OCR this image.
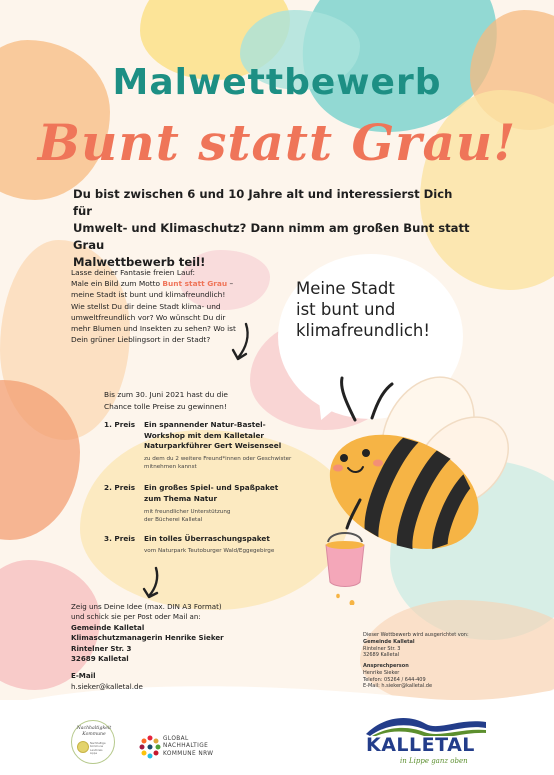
Malwettbewerb
Bunt statt Grau!
Du bist zwischen 6 und 10 Jahre alt und interessierst Dich für
Umwelt- und Klimaschutz? Dann nimm am großen Bunt statt Grau
Malwettbewerb teil!
Lasse deiner Fantasie freien Lauf:
Male ein Bild zum Motto Bunt statt Grau –
meine Stadt ist bunt und klimafreundlich!
Wie stellst Du dir deine Stadt klima- und
umweltfreundlich vor? Wo wünscht Du dir
mehr Blumen und Insekten zu sehen? Wo ist
Dein grüner Lieblingsort in der Stadt?
Meine Stadt
ist bunt und
klimafreundlich!
Bis zum 30. Juni 2021 hast du die
Chance tolle Preise zu gewinnen!
1. Preis Ein spannender Natur-Bastel-
Workshop mit dem Kalletaler
Naturparkführer Gert Weisenseel
zu dem du 2 weitere Freund*innen oder Geschwister
mitnehmen kannst
2. Preis Ein großes Spiel- und Spaßpaket
zum Thema Natur
mit freundlicher Unterstützung
der Bücherei Kalletal
3. Preis Ein tolles Überraschungspaket
vom Naturpark Teutoburger Wald/Eggegebirge
Zeig uns Deine Idee (max. DIN A3 Format)
und schick sie per Post oder Mail an:
Gemeinde Kalletal
Klimaschutzmanagerin Henrike Sieker
Rintelner Str. 3
32689 Kalletal
E-Mail
h.sieker@kalletal.de
Dieser Wettbewerb wird ausgerichtet von:
Gemeinde Kalletal
Rintelner Str. 3
32689 Kalletal
Ansprechperson
Henrike Sieker
Telefon: 05264 / 644-409
E-Mail: h.sieker@kalletal.de
Nachhaltigkeit
Kommune
Nachhaltige
Kommune
Landkreis
Lippe
GLOBAL
NACHHALTIGE
KOMMUNE NRW	KALLETAL
in Lippe ganz oben
